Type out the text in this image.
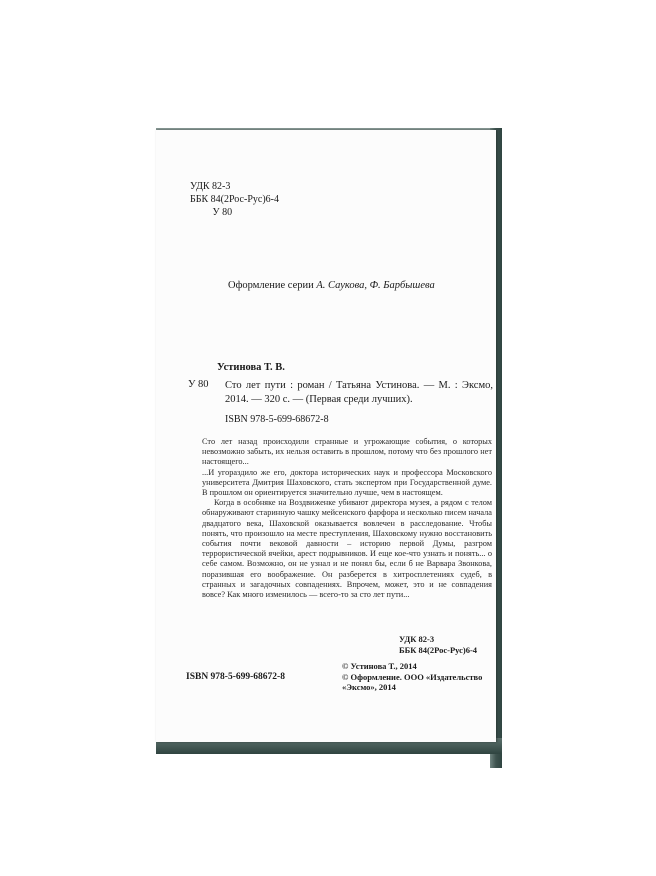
УДК 82-3
ББК 84(2Рос-Рус)6-4
У 80
Оформление серии А. Саукова, Ф. Барбышева
Устинова Т. В.
У 80 Сто лет пути : роман / Татьяна Устинова. — М. : Эксмо, 2014. — 320 с. — (Первая среди лучших).
ISBN 978-5-699-68672-8

Сто лет назад происходили странные и угрожающие события, о которых невозможно забыть, их нельзя оставить в прошлом, потому что без прошлого нет настоящего...

...И угораздило же его, доктора исторических наук и профессора Московского университета Дмитрия Шаховского, стать экспертом при Государственной думе. В прошлом он ориентируется значительно лучше, чем в настоящем.

Когда в особняке на Воздвиженке убивают директора музея, а рядом с телом обнаруживают старинную чашку мейсенского фарфора и несколько писем начала двадцатого века, Шаховской оказывается вовлечен в расследование. Чтобы понять, что произошло на месте преступления, Шаховскому нужно восстановить события почти вековой давности – историю первой Думы, разгром террористической ячейки, арест подрывников. И еще кое-что узнать и понять... о себе самом. Возможно, он не узнал и не понял бы, если б не Варвара Звонкова, поразившая его воображение. Он разберется в хитросплетениях судеб, в странных и загадочных совпадениях. Впрочем, может, это и не совпадения вовсе? Как много изменилось — всего-то за сто лет пути...

УДК 82-3
ББК 84(2Рос-Рус)6-4
ISBN 978-5-699-68672-8

© Устинова Т., 2014

© Оформление. ООО «Издательство «Эксмо», 2014
